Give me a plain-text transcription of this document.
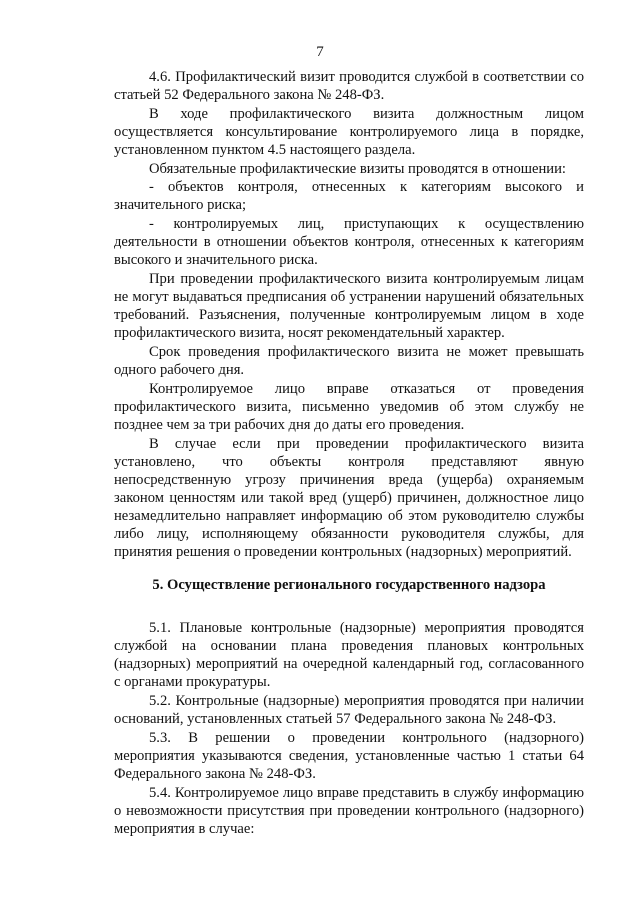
7

4.6. Профилактический визит проводится службой в соответствии со статьей 52 Федерального закона № 248-ФЗ.

В ходе профилактического визита должностным лицом осуществляется консультирование контролируемого лица в порядке, установленном пунктом 4.5 настоящего раздела.

Обязательные профилактические визиты проводятся в отношении:

- объектов контроля, отнесенных к категориям высокого и значительного риска;

- контролируемых лиц, приступающих к осуществлению деятельности в отношении объектов контроля, отнесенных к категориям высокого и значительного риска.

При проведении профилактического визита контролируемым лицам не могут выдаваться предписания об устранении нарушений обязательных требований. Разъяснения, полученные контролируемым лицом в ходе профилактического визита, носят рекомендательный характер.

Срок проведения профилактического визита не может превышать одного рабочего дня.

Контролируемое лицо вправе отказаться от проведения профилактического визита, письменно уведомив об этом службу не позднее чем за три рабочих дня до даты его проведения.

В случае если при проведении профилактического визита установлено, что объекты контроля представляют явную непосредственную угрозу причинения вреда (ущерба) охраняемым законом ценностям или такой вред (ущерб) причинен, должностное лицо незамедлительно направляет информацию об этом руководителю службы либо лицу, исполняющему обязанности руководителя службы, для принятия решения о проведении контрольных (надзорных) мероприятий.

5. Осуществление регионального государственного надзора

5.1. Плановые контрольные (надзорные) мероприятия проводятся службой на основании плана проведения плановых контрольных (надзорных) мероприятий на очередной календарный год, согласованного с органами прокуратуры.

5.2. Контрольные (надзорные) мероприятия проводятся при наличии оснований, установленных статьей 57 Федерального закона № 248-ФЗ.

5.3. В решении о проведении контрольного (надзорного) мероприятия указываются сведения, установленные частью 1 статьи 64 Федерального закона № 248-ФЗ.

5.4. Контролируемое лицо вправе представить в службу информацию о невозможности присутствия при проведении контрольного (надзорного) мероприятия в случае:
